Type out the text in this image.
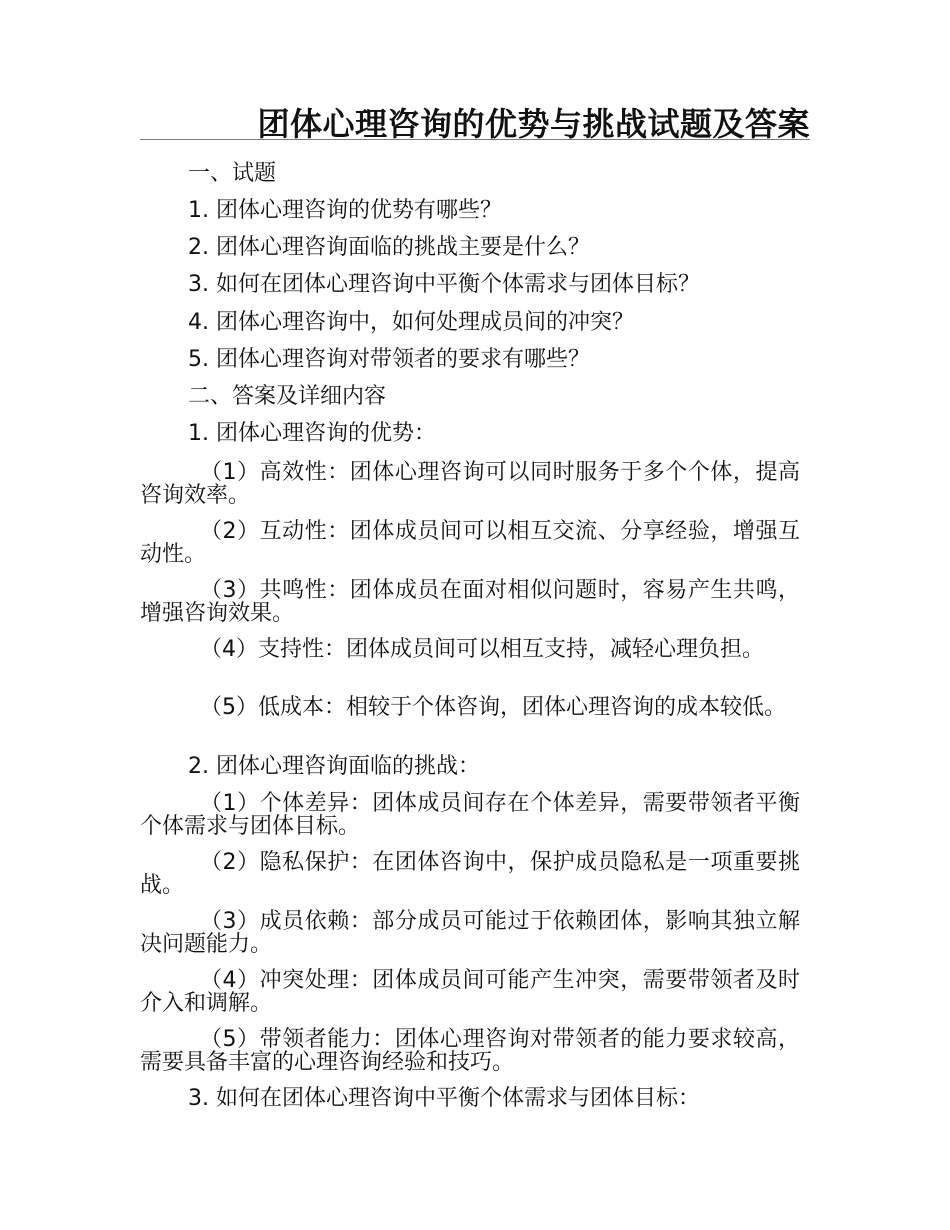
团体心理咨询的优势与挑战试题及答案
一、试题
1. 团体心理咨询的优势有哪些？
2. 团体心理咨询面临的挑战主要是什么？
3. 如何在团体心理咨询中平衡个体需求与团体目标？
4. 团体心理咨询中，如何处理成员间的冲突？
5. 团体心理咨询对带领者的要求有哪些？
二、答案及详细内容
1. 团体心理咨询的优势：
（1）高效性：团体心理咨询可以同时服务于多个个体，提高咨询效率。
（2）互动性：团体成员间可以相互交流、分享经验，增强互动性。
（3）共鸣性：团体成员在面对相似问题时，容易产生共鸣，增强咨询效果。
（4）支持性：团体成员间可以相互支持，减轻心理负担。
（5）低成本：相较于个体咨询，团体心理咨询的成本较低。
2. 团体心理咨询面临的挑战：
（1）个体差异：团体成员间存在个体差异，需要带领者平衡个体需求与团体目标。
（2）隐私保护：在团体咨询中，保护成员隐私是一项重要挑战。
（3）成员依赖：部分成员可能过于依赖团体，影响其独立解决问题能力。
（4）冲突处理：团体成员间可能产生冲突，需要带领者及时介入和调解。
（5）带领者能力：团体心理咨询对带领者的能力要求较高，需要具备丰富的心理咨询经验和技巧。
3. 如何在团体心理咨询中平衡个体需求与团体目标：
